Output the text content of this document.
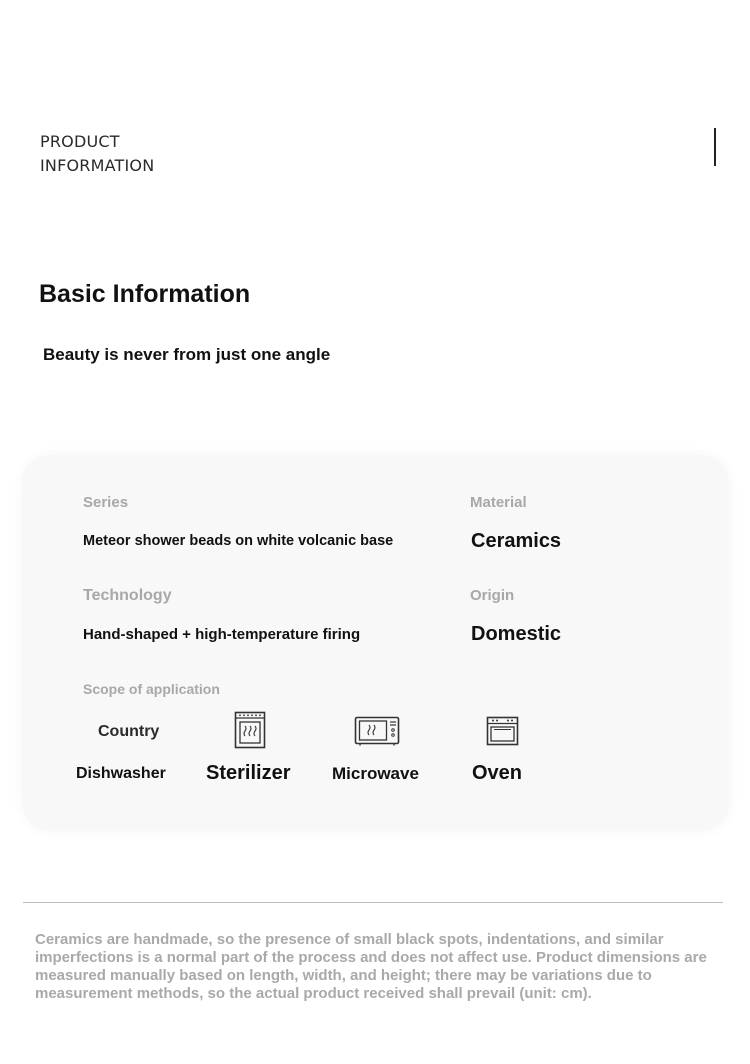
PRODUCT
INFORMATION
Basic Information
Beauty is never from just one angle
Series
Meteor shower beads on white volcanic base
Material
Ceramics
Technology
Hand-shaped + high-temperature firing
Origin
Domestic
Scope of application
Country
Dishwasher Sterilizer Microwave	Oven
Ceramics are handmade, so the presence of small black spots, indentations, and similar imperfections is a normal part of the process and does not affect use. Product dimensions are measured manually based on length, width, and height; there may be variations due to measurement methods, so the actual product received shall prevail (unit: cm).
